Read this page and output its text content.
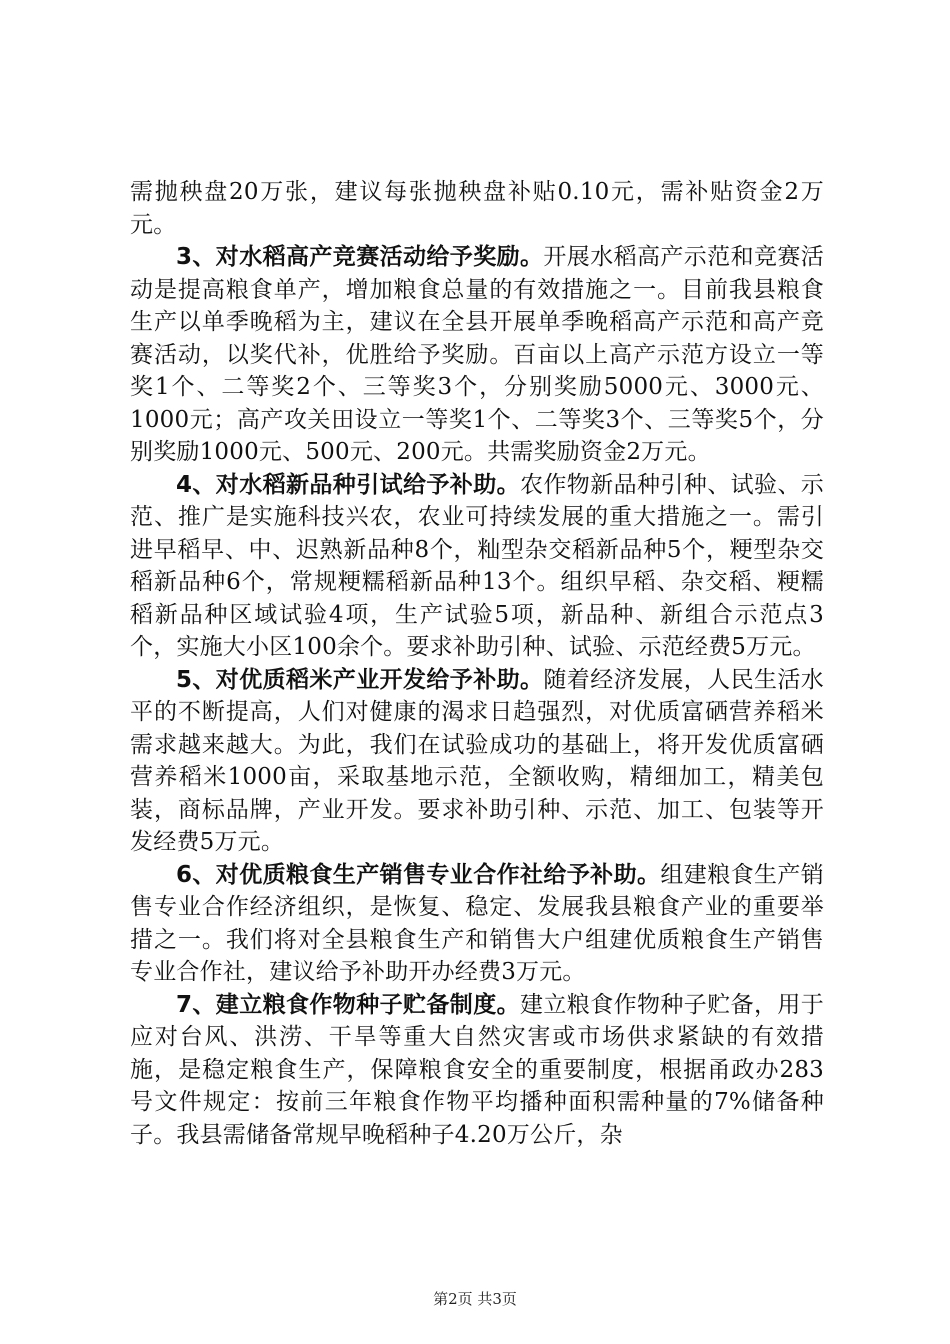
需抛秧盘20万张，建议每张抛秧盘补贴0.10元，需补贴资金2万元。

3、对水稻高产竞赛活动给予奖励。开展水稻高产示范和竞赛活动是提高粮食单产，增加粮食总量的有效措施之一。目前我县粮食生产以单季晚稻为主，建议在全县开展单季晚稻高产示范和高产竞赛活动，以奖代补，优胜给予奖励。百亩以上高产示范方设立一等奖1个、二等奖2个、三等奖3个，分别奖励5000元、3000元、1000元；高产攻关田设立一等奖1个、二等奖3个、三等奖5个，分别奖励1000元、500元、200元。共需奖励资金2万元。

4、对水稻新品种引试给予补助。农作物新品种引种、试验、示范、推广是实施科技兴农，农业可持续发展的重大措施之一。需引进早稻早、中、迟熟新品种8个，籼型杂交稻新品种5个，粳型杂交稻新品种6个，常规粳糯稻新品种13个。组织早稻、杂交稻、粳糯稻新品种区域试验4项，生产试验5项，新品种、新组合示范点3个，实施大小区100余个。要求补助引种、试验、示范经费5万元。

5、对优质稻米产业开发给予补助。随着经济发展，人民生活水平的不断提高，人们对健康的渴求日趋强烈，对优质富硒营养稻米需求越来越大。为此，我们在试验成功的基础上，将开发优质富硒营养稻米1000亩，采取基地示范，全额收购，精细加工，精美包装，商标品牌，产业开发。要求补助引种、示范、加工、包装等开发经费5万元。

6、对优质粮食生产销售专业合作社给予补助。组建粮食生产销售专业合作经济组织，是恢复、稳定、发展我县粮食产业的重要举措之一。我们将对全县粮食生产和销售大户组建优质粮食生产销售专业合作社，建议给予补助开办经费3万元。

7、建立粮食作物种子贮备制度。建立粮食作物种子贮备，用于应对台风、洪涝、干旱等重大自然灾害或市场供求紧缺的有效措施，是稳定粮食生产，保障粮食安全的重要制度，根据甬政办283号文件规定：按前三年粮食作物平均播种面积需种量的7%储备种子。我县需储备常规早晚稻种子4.20万公斤，杂

第2页 共3页
